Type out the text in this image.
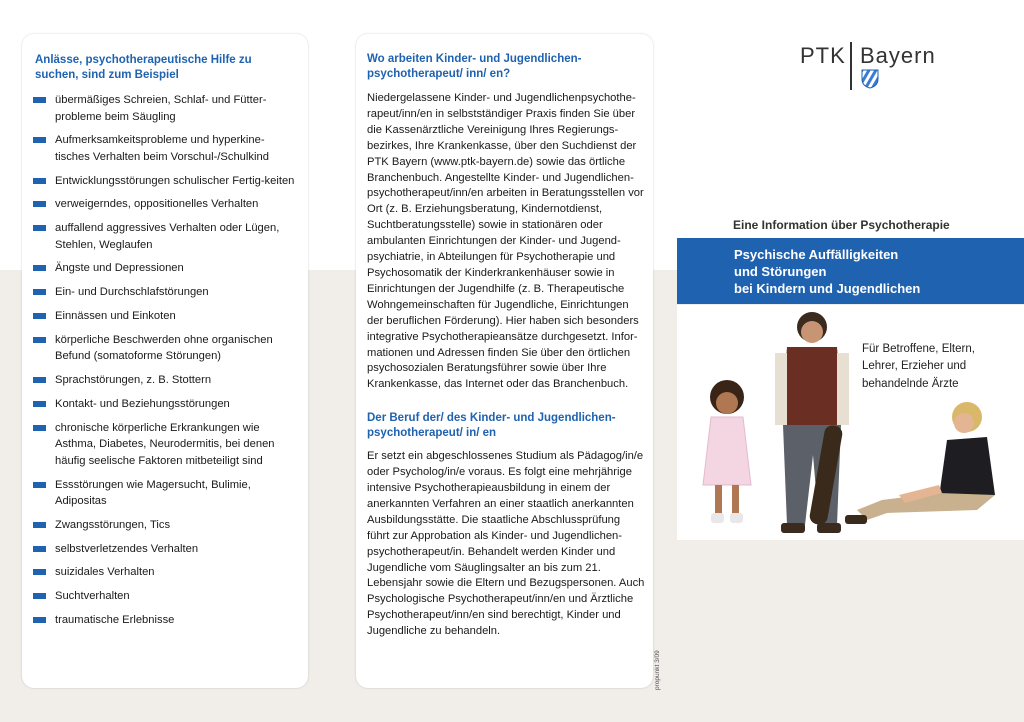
Anlässe, psychotherapeutische Hilfe zu suchen, sind zum Beispiel
übermäßiges Schreien, Schlaf- und Fütter-probleme beim Säugling
Aufmerksamkeitsprobleme und hyperkine-tisches Verhalten beim Vorschul-/Schulkind
Entwicklungsstörungen schulischer Fertig-keiten
verweigerndes, oppositionelles Verhalten
auffallend aggressives Verhalten oder Lügen, Stehlen, Weglaufen
Ängste und Depressionen
Ein- und Durchschlafstörungen
Einnässen und Einkoten
körperliche Beschwerden ohne organischen Befund (somatoforme Störungen)
Sprachstörungen, z. B. Stottern
Kontakt- und Beziehungsstörungen
chronische körperliche Erkrankungen wie Asthma, Diabetes, Neurodermitis, bei denen häufig seelische Faktoren mitbeteiligt sind
Essstörungen wie Magersucht, Bulimie, Adipositas
Zwangsstörungen, Tics
selbstverletzendes Verhalten
suizidales Verhalten
Suchtverhalten
traumatische Erlebnisse
Wo arbeiten Kinder- und Jugendlichen-psychotherapeut/ inn/ en?

Niedergelassene Kinder- und Jugendlichenpsychothe-rapeut/inn/en in selbstständiger Praxis finden Sie über die Kassenärztliche Vereinigung Ihres Regierungs-bezirkes, Ihre Krankenkasse, über den Suchdienst der PTK Bayern (www.ptk-bayern.de) sowie das örtliche Branchenbuch. Angestellte Kinder- und Jugendlichen-psychotherapeut/inn/en arbeiten in Beratungsstellen vor Ort (z. B. Erziehungsberatung, Kindernotdienst, Suchtberatungsstelle) sowie in stationären oder ambulanten Einrichtungen der Kinder- und Jugend-psychiatrie, in Abteilungen für Psychotherapie und Psychosomatik der Kinderkrankenhäuser sowie in Einrichtungen der Jugendhilfe (z. B. Therapeutische Wohngemeinschaften für Jugendliche, Einrichtungen der beruflichen Förderung). Hier haben sich besonders integrative Psychotherapieansätze durchgesetzt. Infor-mationen und Adressen finden Sie über den örtlichen psychosozialen Beratungsführer sowie über Ihre Krankenkasse, das Internet oder das Branchenbuch.

Der Beruf der/ des Kinder- und Jugendlichen-psychotherapeut/ in/ en

Er setzt ein abgeschlossenes Studium als Pädagog/in/e oder Psycholog/in/e voraus. Es folgt eine mehrjährige intensive Psychotherapieausbildung in einem der anerkannten Verfahren an einer staatlich anerkannten Ausbildungsstätte. Die staatliche Abschlussprüfung führt zur Approbation als Kinder- und Jugendlichen-psychotherapeut/in. Behandelt werden Kinder und Jugendliche vom Säuglingsalter an bis zum 21. Lebensjahr sowie die Eltern und Bezugspersonen. Auch Psychologische Psychotherapeut/inn/en und Ärztliche Psychotherapeut/inn/en sind berechtigt, Kinder und Jugendliche zu behandeln.

propunkt 3/09
PTK Bayern
Eine Information über Psychotherapie
Psychische Auffälligkeiten
und Störungen
bei Kindern und Jugendlichen
Für Betroffene, Eltern,
Lehrer, Erzieher und
behandelnde Ärzte
